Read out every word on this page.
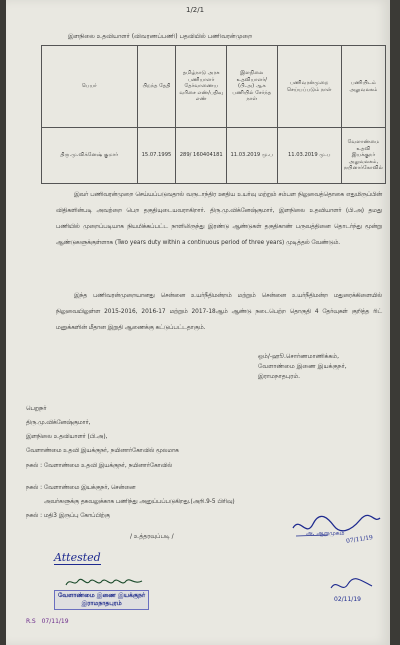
1/2/1
இளநிலை உதவியாளர் (விவரணப்பணி) பதவியில் பணிவரன்முறை
பெயர்	பிறந்த தேதி	தமிழ்நாடு அரசு பணியாளர் தேர்வாணைய வரிசை எண்/பதிவு எண்	இளநிலை உதவியாளர்/ (பி.அ) ஆக பணியில் சேர்ந்த நாள்	பணிவரன்முறை செய்யப்படும் நாள்	பணியிடம் அலுவலகம்
திரு.மு.விக்னேஷ் குமார்	15.07.1995	289/ 160404181	11.03.2019 மு.ப	11.03.2019 மு.ப	வேளாண்மை உதவி இயக்குநர் அலுவலகம், நயினார்கோவில்
இவர் பணிவரன்முறை செய்யப்படுவதால் வருடாந்திர ஊதிய உயர்வு மற்றும் சம்பள நிலுவைத்தொகை எதுமிருப்பின் விதிகளின்படி அவற்றை பெற தகுதியுடையவராகிறார். திரு.மு.விக்னேஷ்குமார், இளநிலை உதவியாளர் (பி.அ) தமது பணியில் முறைப்படியாக நியமிக்கப்பட்ட நாளிலிருந்து இரண்டு ஆண்டுகள் தகுதிகாண் பருவத்தினை தொடர்ந்து மூன்று ஆண்டுகளுக்குள்ளாக (Two years duty within a continuous period of three years) முடித்தல் வேண்டும்.
இந்த பணிவரன்முறையானது சென்னை உயர்நீதிமன்றம் மற்றும் சென்னை உயர்நீதிமன்ற மதுரைக்கிளையில் நிலுவையிலுள்ள 2015-2016, 2016-17 மற்றும் 2017-18ஆம் ஆண்டு நடைபெற்ற தொகுதி 4 தேர்வுகள் குறித்த ரிட் மனுக்களின் மீதான இறுதி ஆணைக்கு கட்டுப்பட்டதாகும்.
ஒம்/-ஹூ.சொர்ணமாணிக்கம்,
வேளாண்மை இணை இயக்குநர்,
இராமநாதபுரம்.
பெறுநர்
திரு.மு.விக்னேஷ்குமார்,
இளநிலை உதவியாளர் (பி.அ),
வேளாண்மை உதவி இயக்குநர், நயினார்கோவில் மூலமாக
நகல் : வேளாண்மை உதவி இயக்குநர், நயினார்கோவில்
நகல் : வேளாண்மை இயக்குநர், சென்னை
அவர்களுக்கு தகவலுக்காக பணிந்து அனுப்பப்படுகிறது.(அறி.9-5 பிரிவு)
நகல் : மதி3 இருப்பு கோப்பிற்கு
/ உத்தரவுப்படி /	அ. ஆறுமுகம்
07/11/19
Attested
வேளாண்மை இணை இயக்குநர்
இராமநாதபுரம்
R.S 07/11/19
02/11/19
